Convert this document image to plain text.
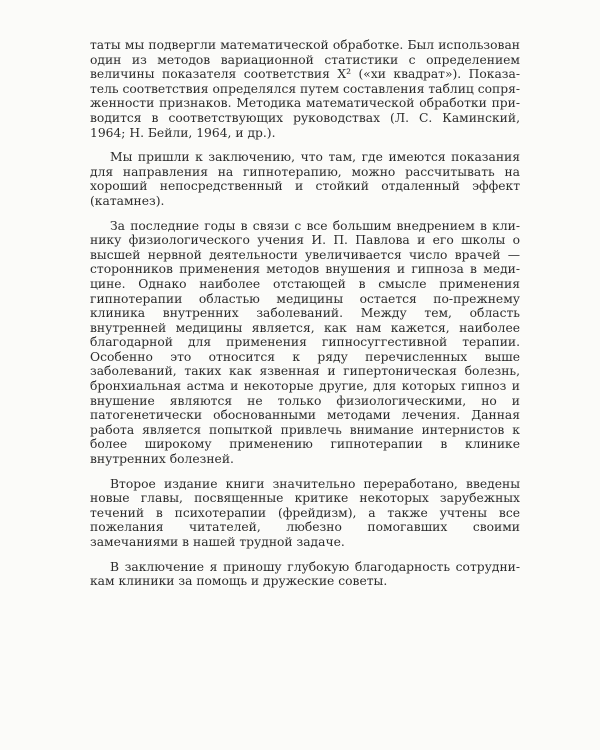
таты мы подвергли математической обработке. Был использован один из методов вариационной статистики с определением величины показателя соответствия Χ² («хи квадрат»). Показатель соответствия определялся путем составления таблиц сопряженности признаков. Методика математической обработки приводится в соответствующих руководствах (Л. С. Каминский, 1964; Н. Бейли, 1964, и др.).

Мы пришли к заключению, что там, где имеются показания для направления на гипнотерапию, можно рассчитывать на хороший непосредственный и стойкий отдаленный эффект (катамнез).

За последние годы в связи с все большим внедрением в клинику физиологического учения И. П. Павлова и его школы о высшей нервной деятельности увеличивается число врачей — сторонников применения методов внушения и гипноза в медицине. Однако наиболее отстающей в смысле применения гипнотерапии областью медицины остается по-прежнему клиника внутренних заболеваний. Между тем, область внутренней медицины является, как нам кажется, наиболее благодарной для применения гипносуггестивной терапии. Особенно это относится к ряду перечисленных выше заболеваний, таких как язвенная и гипертоническая болезнь, бронхиальная астма и некоторые другие, для которых гипноз и внушение являются не только физиологическими, но и патогенетически обоснованными методами лечения. Данная работа является попыткой привлечь внимание интернистов к более широкому применению гипнотерапии в клинике внутренних болезней.

Второе издание книги значительно переработано, введены новые главы, посвященные критике некоторых зарубежных течений в психотерапии (фрейдизм), а также учтены все пожелания читателей, любезно помогавших своими замечаниями в нашей трудной задаче.

В заключение я приношу глубокую благодарность сотрудникам клиники за помощь и дружеские советы.
